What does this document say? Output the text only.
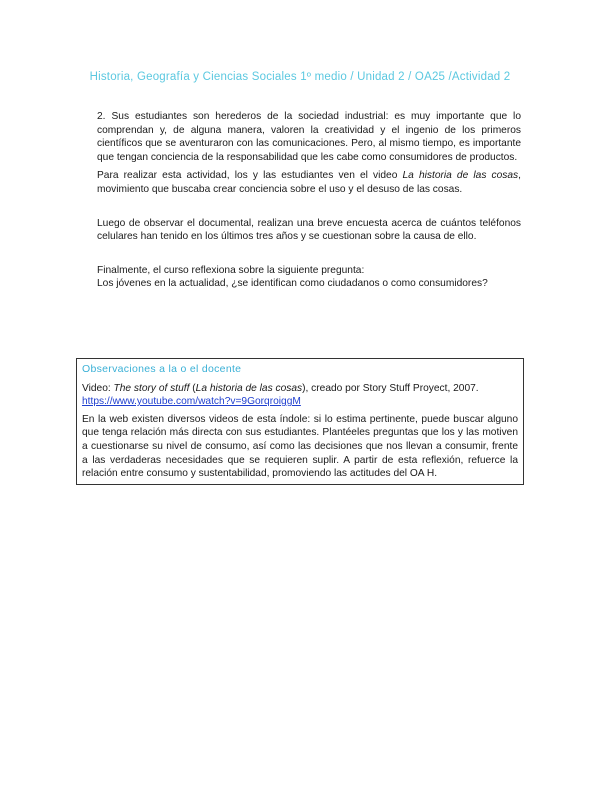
Historia, Geografía y Ciencias Sociales 1º medio / Unidad 2 / OA25 /Actividad 2

2. Sus estudiantes son herederos de la sociedad industrial: es muy importante que lo comprendan y, de alguna manera, valoren la creatividad y el ingenio de los primeros científicos que se aventuraron con las comunicaciones. Pero, al mismo tiempo, es importante que tengan conciencia de la responsabilidad que les cabe como consumidores de productos.

Para realizar esta actividad, los y las estudiantes ven el video La historia de las cosas, movimiento que buscaba crear conciencia sobre el uso y el desuso de las cosas.

Luego de observar el documental, realizan una breve encuesta acerca de cuántos teléfonos celulares han tenido en los últimos tres años y se cuestionan sobre la causa de ello.

Finalmente, el curso reflexiona sobre la siguiente pregunta:
Los jóvenes en la actualidad, ¿se identifican como ciudadanos o como consumidores?

Observaciones a la o el docente

Video: The story of stuff (La historia de las cosas), creado por Story Stuff Proyect, 2007. https://www.youtube.com/watch?v=9GorqroiggM

En la web existen diversos videos de esta índole: si lo estima pertinente, puede buscar alguno que tenga relación más directa con sus estudiantes. Plantéeles preguntas que los y las motiven a cuestionarse su nivel de consumo, así como las decisiones que nos llevan a consumir, frente a las verdaderas necesidades que se requieren suplir. A partir de esta reflexión, refuerce la relación entre consumo y sustentabilidad, promoviendo las actitudes del OA H.
